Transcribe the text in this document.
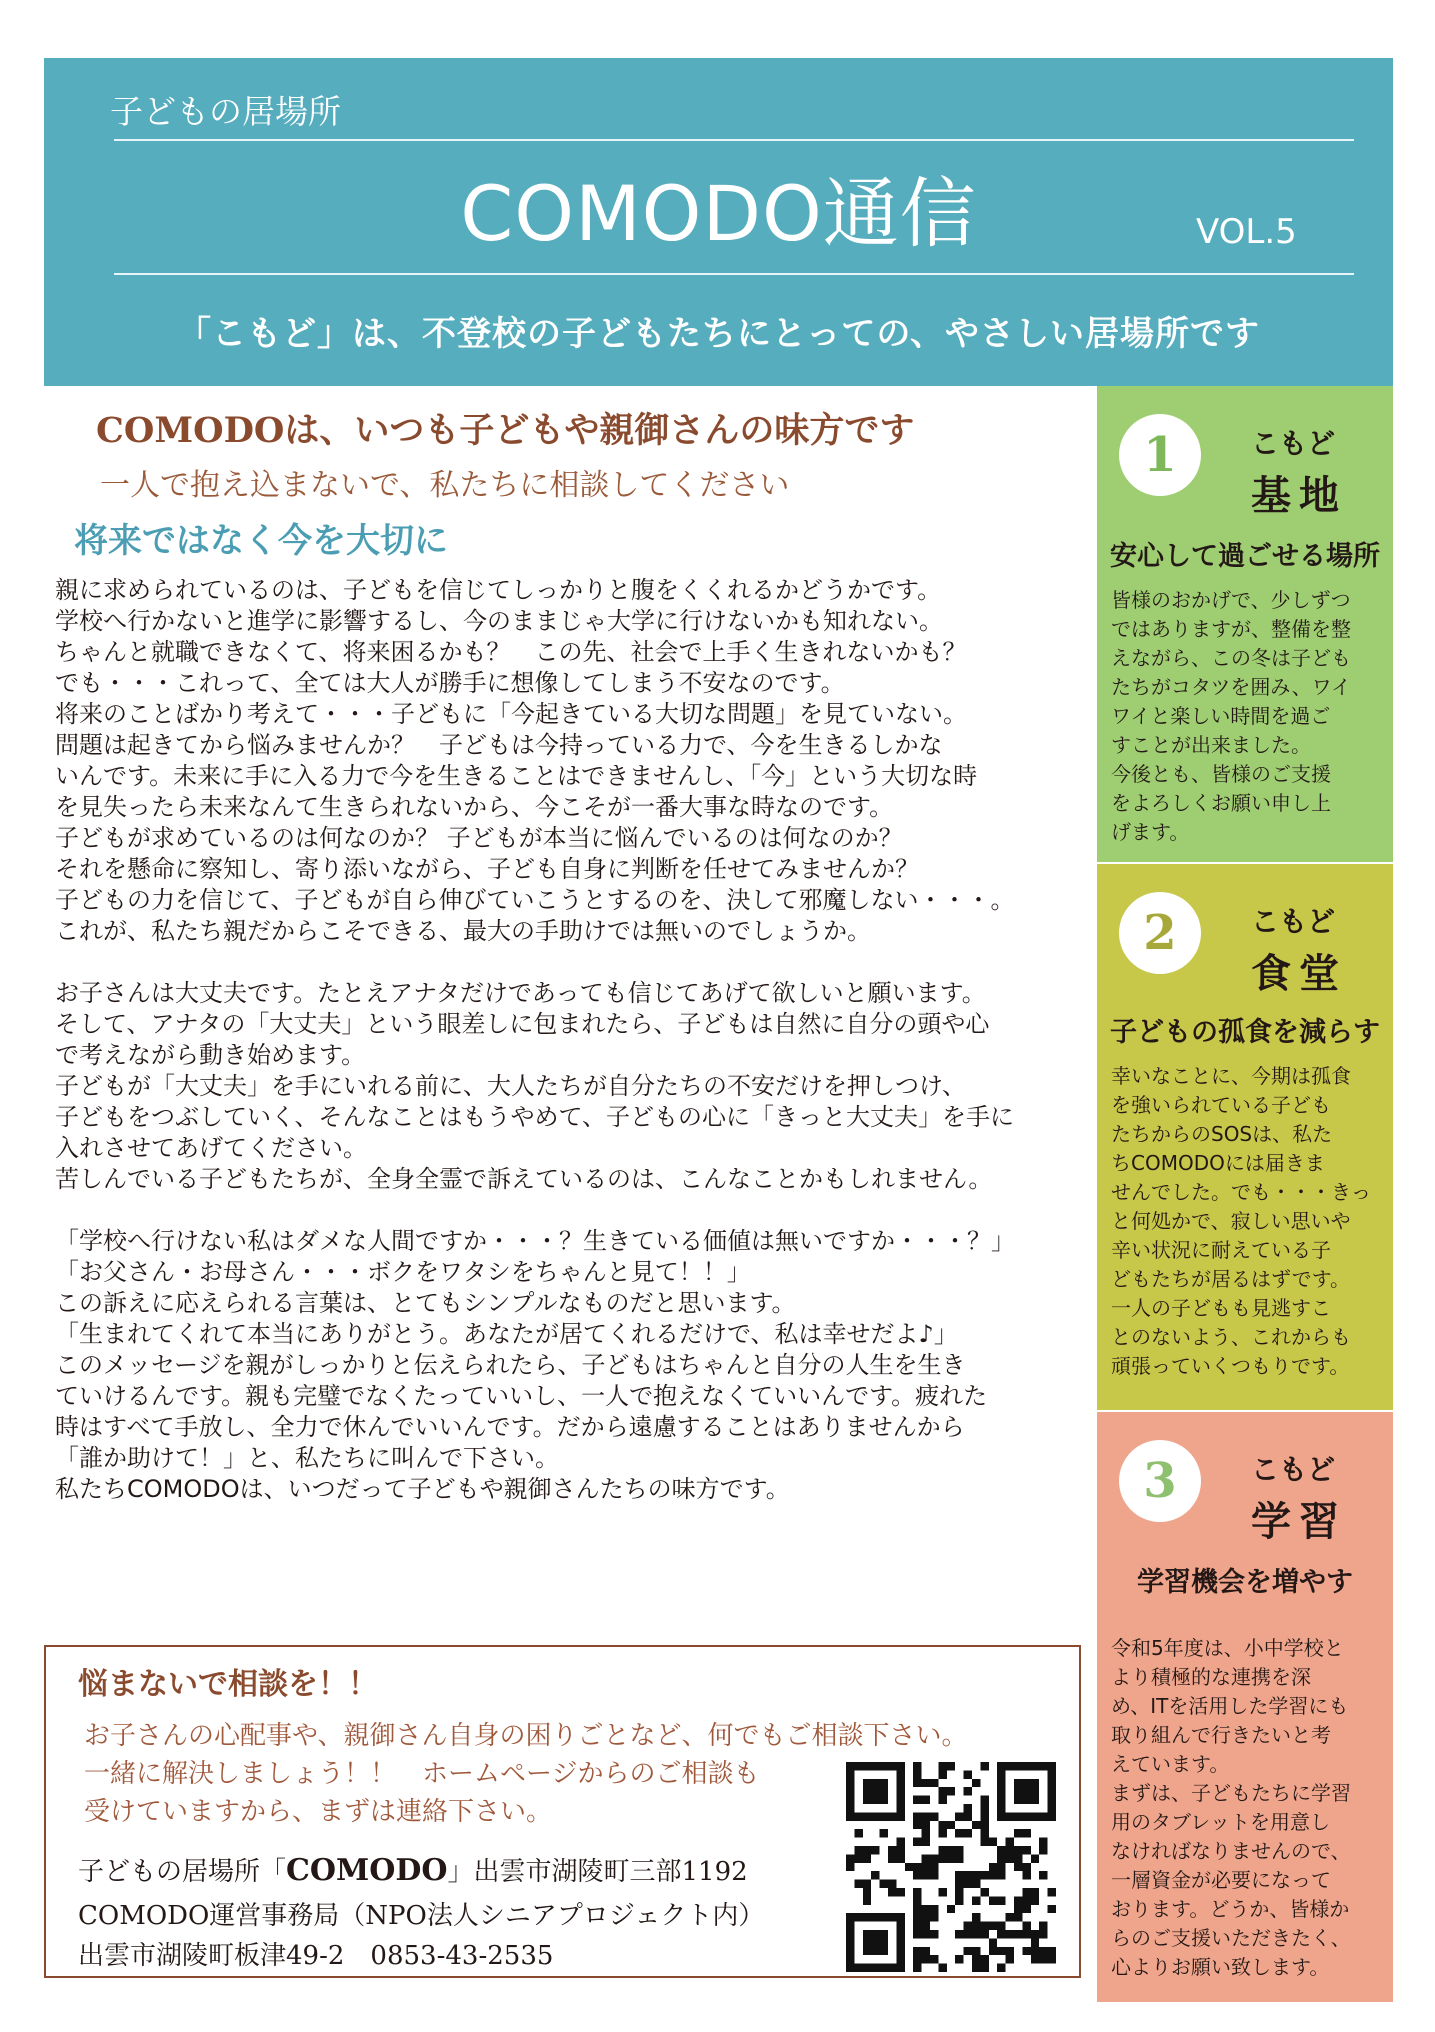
子どもの居場所
COMODO通信	VOL.5
「こもど」は、不登校の子どもたちにとっての、やさしい居場所です
COMODOは、いつも子どもや親御さんの味方です
一人で抱え込まないで、私たちに相談してください
将来ではなく今を大切に
親に求められているのは、子どもを信じてしっかりと腹をくくれるかどうかです。
学校へ行かないと進学に影響するし、今のままじゃ大学に行けないかも知れない。
ちゃんと就職できなくて、将来困るかも？　この先、社会で上手く生きれないかも？
でも・・・これって、全ては大人が勝手に想像してしまう不安なのです。
将来のことばかり考えて・・・子どもに「今起きている大切な問題」を見ていない。
問題は起きてから悩みませんか？　子どもは今持っている力で、今を生きるしかな
いんです。未来に手に入る力で今を生きることはできませんし、「今」という大切な時
を見失ったら未来なんて生きられないから、今こそが一番大事な時なのです。
子どもが求めているのは何なのか？ 子どもが本当に悩んでいるのは何なのか？
それを懸命に察知し、寄り添いながら、子ども自身に判断を任せてみませんか？
子どもの力を信じて、子どもが自ら伸びていこうとするのを、決して邪魔しない・・・。
これが、私たち親だからこそできる、最大の手助けでは無いのでしょうか。
お子さんは大丈夫です。たとえアナタだけであっても信じてあげて欲しいと願います。
そして、アナタの「大丈夫」という眼差しに包まれたら、子どもは自然に自分の頭や心
で考えながら動き始めます。
子どもが「大丈夫」を手にいれる前に、大人たちが自分たちの不安だけを押しつけ、
子どもをつぶしていく、そんなことはもうやめて、子どもの心に「きっと大丈夫」を手に
入れさせてあげてください。
苦しんでいる子どもたちが、全身全霊で訴えているのは、こんなことかもしれません。
「学校へ行けない私はダメな人間ですか・・・？生きている価値は無いですか・・・？」
「お父さん・お母さん・・・ボクをワタシをちゃんと見て！！」
この訴えに応えられる言葉は、とてもシンプルなものだと思います。
「生まれてくれて本当にありがとう。あなたが居てくれるだけで、私は幸せだよ♪」
このメッセージを親がしっかりと伝えられたら、子どもはちゃんと自分の人生を生き
ていけるんです。親も完璧でなくたっていいし、一人で抱えなくていいんです。疲れた
時はすべて手放し、全力で休んでいいんです。だから遠慮することはありませんから
「誰か助けて！」と、私たちに叫んで下さい。
私たちCOMODOは、いつだって子どもや親御さんたちの味方です。
悩まないで相談を！！
お子さんの心配事や、親御さん自身の困りごとなど、何でもご相談下さい。
一緒に解決しましょう！！　ホームページからのご相談も
受けていますから、まずは連絡下さい。
子どもの居場所「COMODO」出雲市湖陵町三部1192
COMODO運営事務局（NPO法人シニアプロジェクト内）
出雲市湖陵町板津49-2　0853-43-2535
1	こもど
基地
安心して過ごせる場所
皆様のおかげで、少しずつ
ではありますが、整備を整
えながら、この冬は子ども
たちがコタツを囲み、ワイ
ワイと楽しい時間を過ご
すことが出来ました。
今後とも、皆様のご支援
をよろしくお願い申し上
げます。
2	こもど
食堂
子どもの孤食を減らす
幸いなことに、今期は孤食
を強いられている子ども
たちからのSOSは、私た
ちCOMODOには届きま
せんでした。でも・・・きっ
と何処かで、寂しい思いや
辛い状況に耐えている子
どもたちが居るはずです。
一人の子どもも見逃すこ
とのないよう、これからも
頑張っていくつもりです。
3	こもど
学習
学習機会を増やす
令和5年度は、小中学校と
より積極的な連携を深
め、ITを活用した学習にも
取り組んで行きたいと考
えています。
まずは、子どもたちに学習
用のタブレットを用意し
なければなりませんので、
一層資金が必要になって
おります。どうか、皆様か
らのご支援いただきたく、
心よりお願い致します。
